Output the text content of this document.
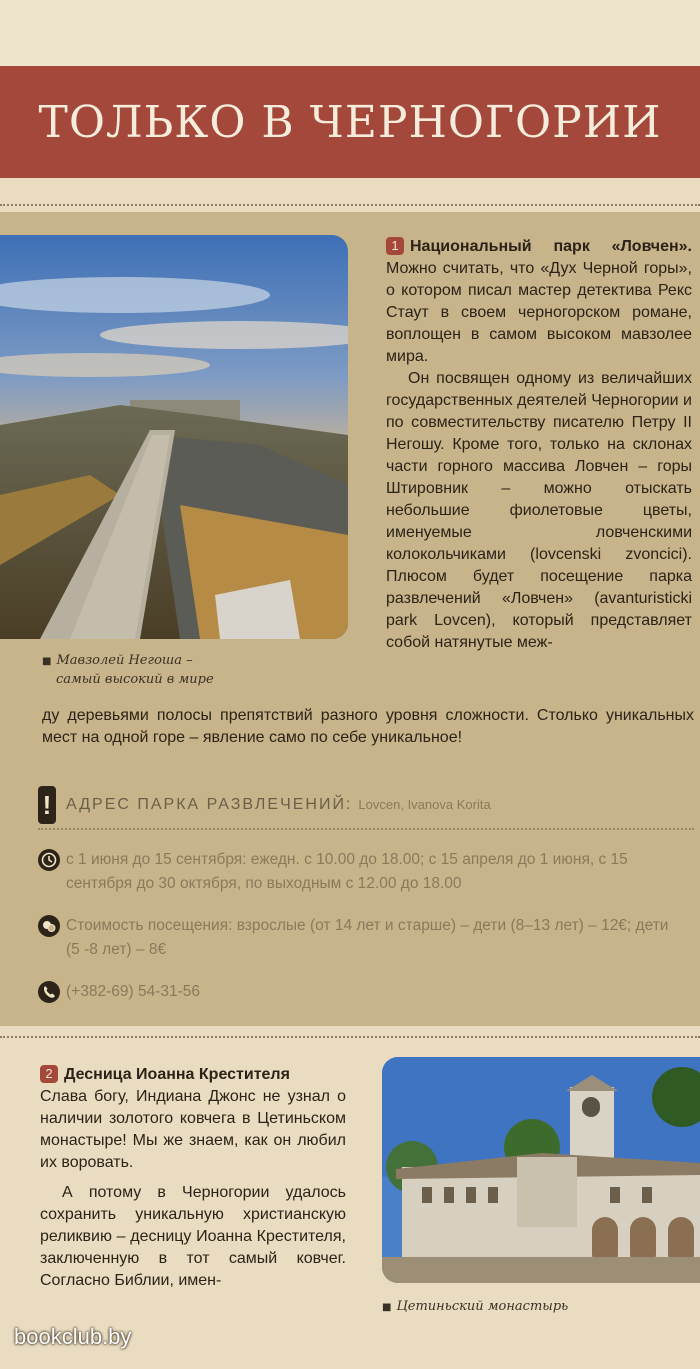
ТОЛЬКО В ЧЕРНОГОРИИ
■ Мавзолей Негоша –
самый высокий в мире

1 Национальный парк «Ловчен». Можно считать, что «Дух Черной горы», о котором писал мастер детектива Рекс Стаут в своем черногорском романе, воплощен в самом высоком мавзолее мира.

Он посвящен одному из величайших государственных деятелей Черногории и по совместительству писателю Петру II Негошу. Кроме того, только на склонах части горного массива Ловчен – горы Штировник – можно отыскать небольшие фиолетовые цветы, именуемые ловченскими колокольчиками (lovcenski zvoncici). Плюсом будет посещение парка развлечений «Ловчен» (avanturisticki park Lovcen), который представляет собой натянутые меж-

ду деревьями полосы препятствий разного уровня сложности. Столько уникальных мест на одной горе – явление само по себе уникальное!
! АДРЕС ПАРКА РАЗВЛЕЧЕНИЙ: Lovcen, Ivanova Korita
с 1 июня до 15 сентября: ежедн. с 10.00 до 18.00; с 15 апреля до 1 июня, с 15 сентября до 30 октября, по выходным с 12.00 до 18.00
Стоимость посещения: взрослые (от 14 лет и старше) – дети (8–13 лет) – 12€; дети (5 -8 лет) – 8€
(+382-69) 54-31-56

2 Десница Иоанна Крестителя

Слава богу, Индиана Джонс не узнал о наличии золотого ковчега в Цетиньском монастыре! Мы же знаем, как он любил их воровать.

А потому в Черногории удалось сохранить уникальную христианскую реликвию – десницу Иоанна Крестителя, заключенную в тот самый ковчег. Согласно Библии, имен-

■ Цетиньский монастырь
bookclub.by
